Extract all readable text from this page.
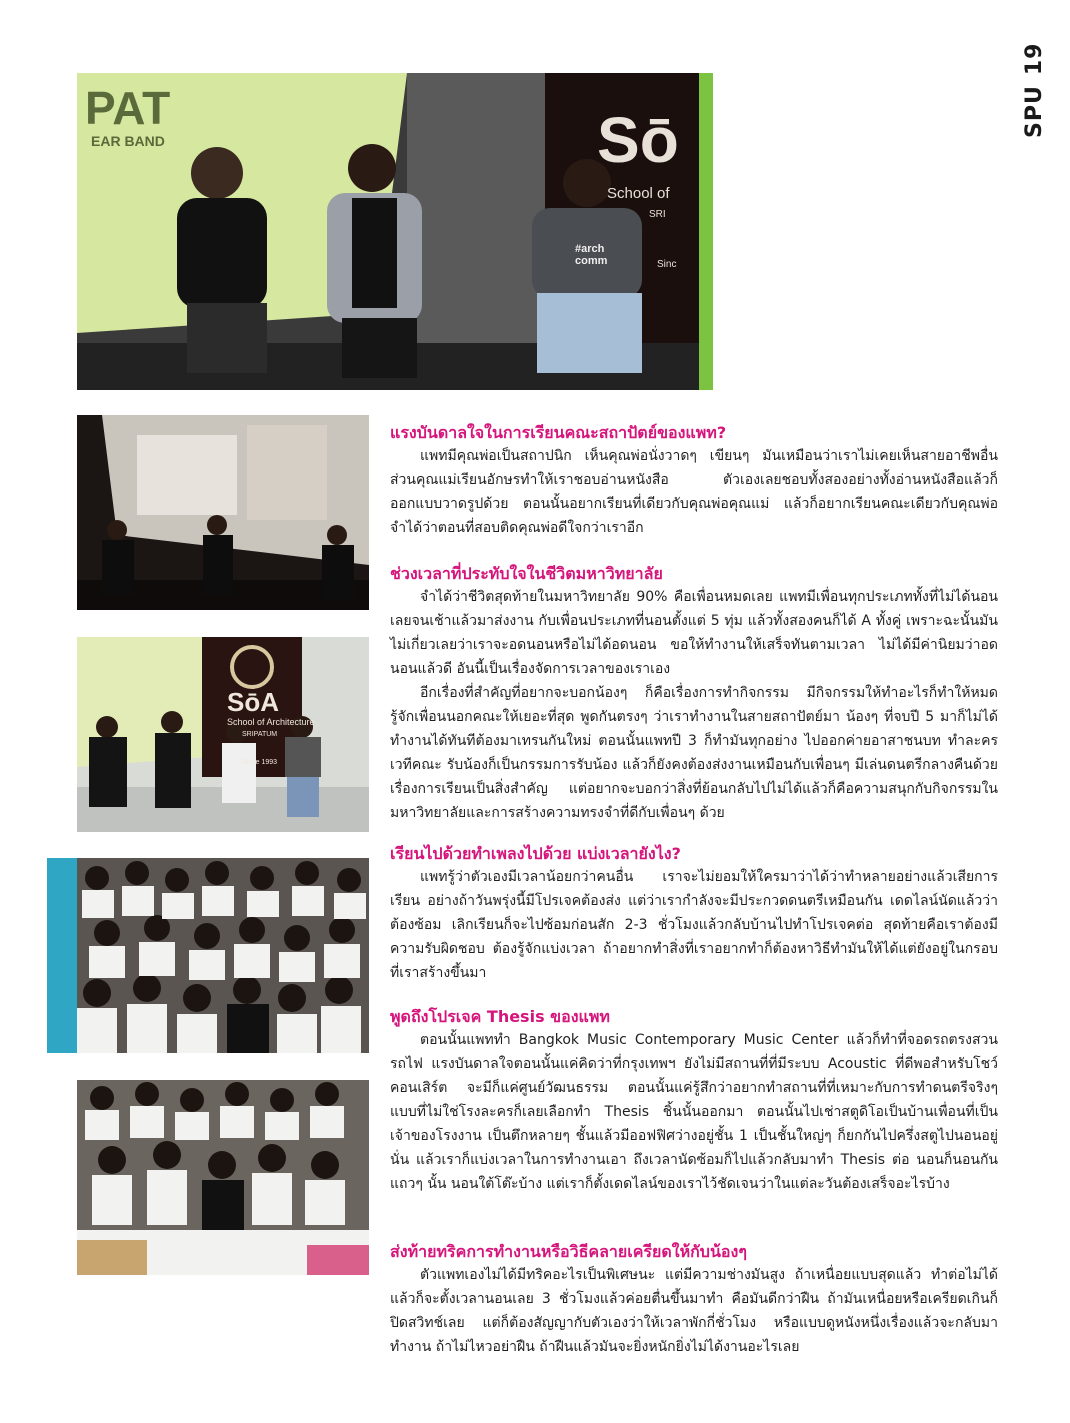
SPU19
PAT
EAR BAND	Sō
School of
SRI
Sinc
#arch comm
SōA
School of Architecture
SRIPATUM
Since 1993
แรงบันดาลใจในการเรียนคณะสถาปัตย์ของแพท?

แพทมีคุณพ่อเป็นสถาปนิก เห็นคุณพ่อนั่งวาดๆ เขียนๆ มันเหมือนว่าเราไม่เคยเห็นสายอาชีพอื่น ส่วนคุณแม่เรียนอักษรทำให้เราชอบอ่านหนังสือ ตัวเองเลยชอบทั้งสองอย่างทั้งอ่านหนังสือแล้วก็ออกแบบวาดรูปด้วย ตอนนั้นอยากเรียนที่เดียวกับคุณพ่อคุณแม่ แล้วก็อยากเรียนคณะเดียวกับคุณพ่อ จำได้ว่าตอนที่สอบติดคุณพ่อดีใจกว่าเราอีก

ช่วงเวลาที่ประทับใจในชีวิตมหาวิทยาลัย

จำได้ว่าชีวิตสุดท้ายในมหาวิทยาลัย 90% คือเพื่อนหมดเลย แพทมีเพื่อนทุกประเภททั้งที่ไม่ได้นอนเลยจนเช้าแล้วมาส่งงาน กับเพื่อนประเภทที่นอนตั้งแต่ 5 ทุ่ม แล้วทั้งสองคนก็ได้ A ทั้งคู่ เพราะฉะนั้นมันไม่เกี่ยวเลยว่าเราจะอดนอนหรือไม่ได้อดนอน ขอให้ทำงานให้เสร็จทันตามเวลา ไม่ได้มีค่านิยมว่าอดนอนแล้วดี อันนี้เป็นเรื่องจัดการเวลาของเราเอง

อีกเรื่องที่สำคัญที่อยากจะบอกน้องๆ ก็คือเรื่องการทำกิจกรรม มีกิจกรรมให้ทำอะไรก็ทำให้หมด รู้จักเพื่อนนอกคณะให้เยอะที่สุด พูดกันตรงๆ ว่าเราทำงานในสายสถาปัตย์มา น้องๆ ที่จบปี 5 มาก็ไม่ได้ทำงานได้ทันทีต้องมาเทรนกันใหม่ ตอนนั้นแพทปี 3 ก็ทำมันทุกอย่าง ไปออกค่ายอาสาชนบท ทำละครเวทีคณะ รับน้องก็เป็นกรรมการรับน้อง แล้วก็ยังคงต้องส่งงานเหมือนกับเพื่อนๆ มีเล่นดนตรีกลางคืนด้วย เรื่องการเรียนเป็นสิ่งสำคัญ แต่อยากจะบอกว่าสิ่งที่ย้อนกลับไปไม่ได้แล้วก็คือความสนุกกับกิจกรรมในมหาวิทยาลัยและการสร้างความทรงจำที่ดีกับเพื่อนๆ ด้วย

เรียนไปด้วยทำเพลงไปด้วย แบ่งเวลายังไง?

แพทรู้ว่าตัวเองมีเวลาน้อยกว่าคนอื่น เราจะไม่ยอมให้ใครมาว่าได้ว่าทำหลายอย่างแล้วเสียการเรียน อย่างถ้าวันพรุ่งนี้มีโปรเจคต้องส่ง แต่ว่าเรากำลังจะมีประกวดดนตรีเหมือนกัน เดดไลน์นัดแล้วว่าต้องซ้อม เลิกเรียนก็จะไปซ้อมก่อนสัก 2-3 ชั่วโมงแล้วกลับบ้านไปทำโปรเจคต่อ สุดท้ายคือเราต้องมีความรับผิดชอบ ต้องรู้จักแบ่งเวลา ถ้าอยากทำสิ่งที่เราอยากทำก็ต้องหาวิธีทำมันให้ได้แต่ยังอยู่ในกรอบที่เราสร้างขึ้นมา

พูดถึงโปรเจค Thesis ของแพท

ตอนนั้นแพททำ Bangkok Music Contemporary Music Center แล้วก็ทำที่จอดรถตรงสวนรถไฟ แรงบันดาลใจตอนนั้นแค่คิดว่าที่กรุงเทพฯ ยังไม่มีสถานที่ที่มีระบบ Acoustic ที่ดีพอสำหรับโชว์คอนเสิร์ต จะมีก็แค่ศูนย์วัฒนธรรม ตอนนั้นแค่รู้สึกว่าอยากทำสถานที่ที่เหมาะกับการทำดนตรีจริงๆ แบบที่ไม่ใช่โรงละครก็เลยเลือกทำ Thesis ชิ้นนั้นออกมา ตอนนั้นไปเช่าสตูดิโอเป็นบ้านเพื่อนที่เป็นเจ้าของโรงงาน เป็นตึกหลายๆ ชั้นแล้วมีออฟฟิศว่างอยู่ชั้น 1 เป็นชั้นใหญ่ๆ ก็ยกกันไปครึ่งสตูไปนอนอยู่นั่น แล้วเราก็แบ่งเวลาในการทำงานเอา ถึงเวลานัดซ้อมก็ไปแล้วกลับมาทำ Thesis ต่อ นอนก็นอนกันแถวๆ นั้น นอนใต้โต๊ะบ้าง แต่เราก็ตั้งเดดไลน์ของเราไว้ชัดเจนว่าในแต่ละวันต้องเสร็จอะไรบ้าง

ส่งท้ายทริคการทำงานหรือวิธีคลายเครียดให้กับน้องๆ

ตัวแพทเองไม่ได้มีทริคอะไรเป็นพิเศษนะ แต่มีความช่างมันสูง ถ้าเหนื่อยแบบสุดแล้ว ทำต่อไม่ได้แล้วก็จะตั้งเวลานอนเลย 3 ชั่วโมงแล้วค่อยตื่นขึ้นมาทำ คือมันดีกว่าฝืน ถ้ามันเหนื่อยหรือเครียดเกินก็ปิดสวิทช์เลย แต่ก็ต้องสัญญากับตัวเองว่าให้เวลาพักกี่ชั่วโมง หรือแบบดูหนังหนึ่งเรื่องแล้วจะกลับมาทำงาน ถ้าไม่ไหวอย่าฝืน ถ้าฝืนแล้วมันจะยิ่งหนักยิ่งไม่ได้งานอะไรเลย
